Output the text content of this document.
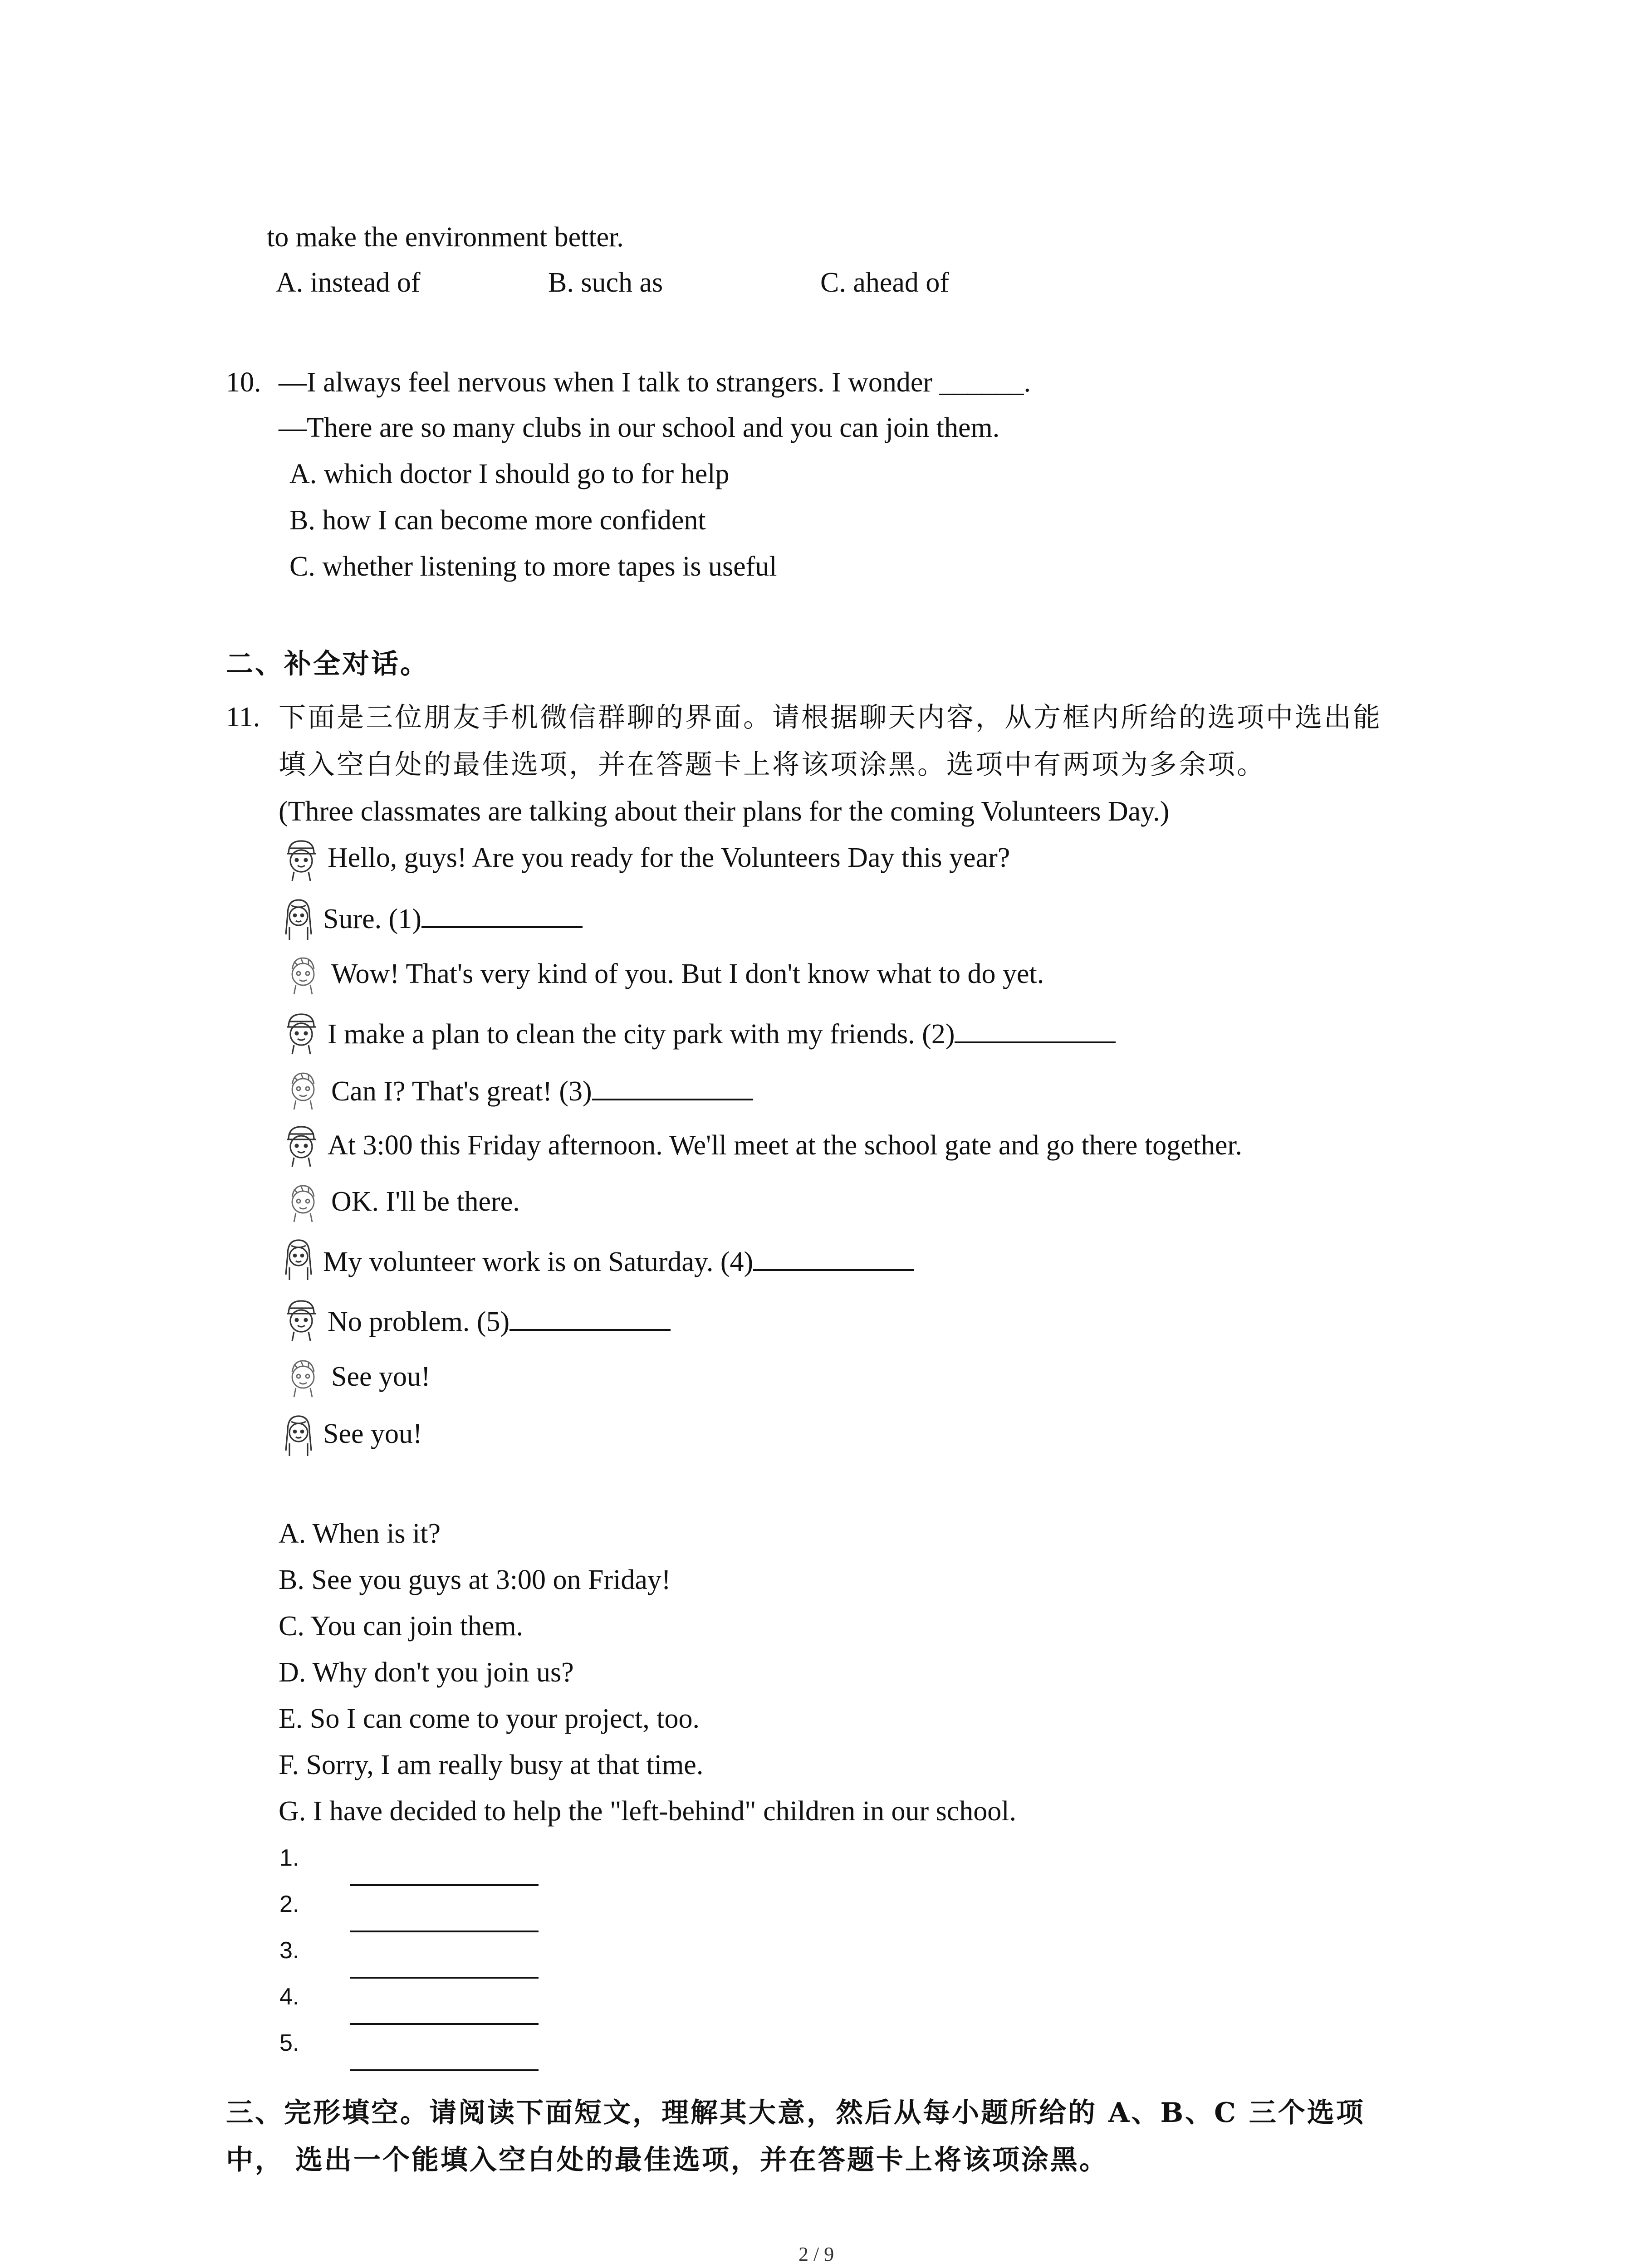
to make the environment better.
A. instead of	B. such as	C. ahead of
10. —I always feel nervous when I talk to strangers. I wonder ______.
—There are so many clubs in our school and you can join them.
A. which doctor I should go to for help
B. how I can become more confident
C. whether listening to more tapes is useful
二、补全对话。
11. 下面是三位朋友手机微信群聊的界面。请根据聊天内容，从方框内所给的选项中选出能
填入空白处的最佳选项，并在答题卡上将该项涂黑。选项中有两项为多余项。
(Three classmates are talking about their plans for the coming Volunteers Day.)
Hello, guys! Are you ready for the Volunteers Day this year?
Sure. (1)
Wow! That's very kind of you. But I don't know what to do yet.
I make a plan to clean the city park with my friends. (2)
Can I? That's great! (3)
At 3:00 this Friday afternoon. We'll meet at the school gate and go there together.
OK. I'll be there.
My volunteer work is on Saturday. (4)
No problem. (5)
See you!
See you!
A. When is it?
B. See you guys at 3:00 on Friday!
C. You can join them.
D. Why don't you join us?
E. So I can come to your project, too.
F. Sorry, I am really busy at that time.
G. I have decided to help the "left-behind" children in our school.
1.
2.
3.
4.
5.
三、完形填空。请阅读下面短文，理解其大意，然后从每小题所给的 A、B、C 三个选项
中， 选出一个能填入空白处的最佳选项，并在答题卡上将该项涂黑。
2 / 9
